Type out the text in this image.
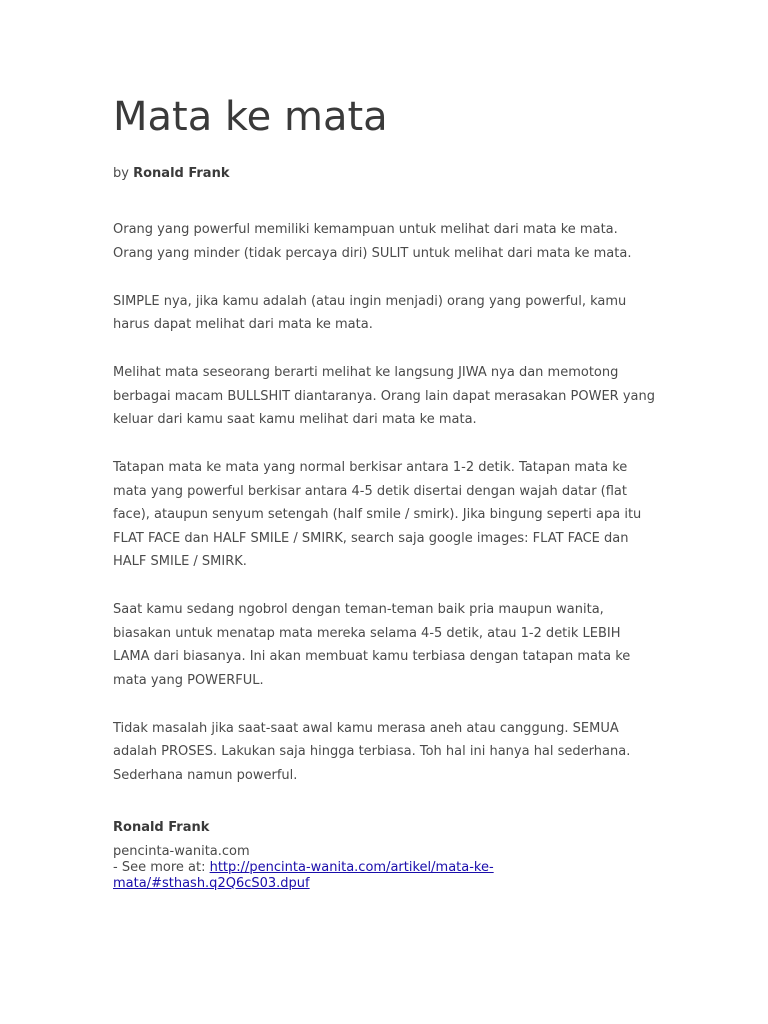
Mata ke mata
by Ronald Frank

Orang yang powerful memiliki kemampuan untuk melihat dari mata ke mata. Orang yang minder (tidak percaya diri) SULIT untuk melihat dari mata ke mata.

SIMPLE nya, jika kamu adalah (atau ingin menjadi) orang yang powerful, kamu harus dapat melihat dari mata ke mata.

Melihat mata seseorang berarti melihat ke langsung JIWA nya dan memotong berbagai macam BULLSHIT diantaranya. Orang lain dapat merasakan POWER yang keluar dari kamu saat kamu melihat dari mata ke mata.

Tatapan mata ke mata yang normal berkisar antara 1-2 detik. Tatapan mata ke mata yang powerful berkisar antara 4-5 detik disertai dengan wajah datar (flat face), ataupun senyum setengah (half smile / smirk). Jika bingung seperti apa itu FLAT FACE dan HALF SMILE / SMIRK, search saja google images: FLAT FACE dan HALF SMILE / SMIRK.

Saat kamu sedang ngobrol dengan teman-teman baik pria maupun wanita, biasakan untuk menatap mata mereka selama 4-5 detik, atau 1-2 detik LEBIH LAMA dari biasanya. Ini akan membuat kamu terbiasa dengan tatapan mata ke mata yang POWERFUL.

Tidak masalah jika saat-saat awal kamu merasa aneh atau canggung. SEMUA adalah PROSES. Lakukan saja hingga terbiasa. Toh hal ini hanya hal sederhana. Sederhana namun powerful.

Ronald Frank
pencinta-wanita.com
- See more at: http://pencinta-wanita.com/artikel/mata-ke-mata/#sthash.q2Q6cS03.dpuf
